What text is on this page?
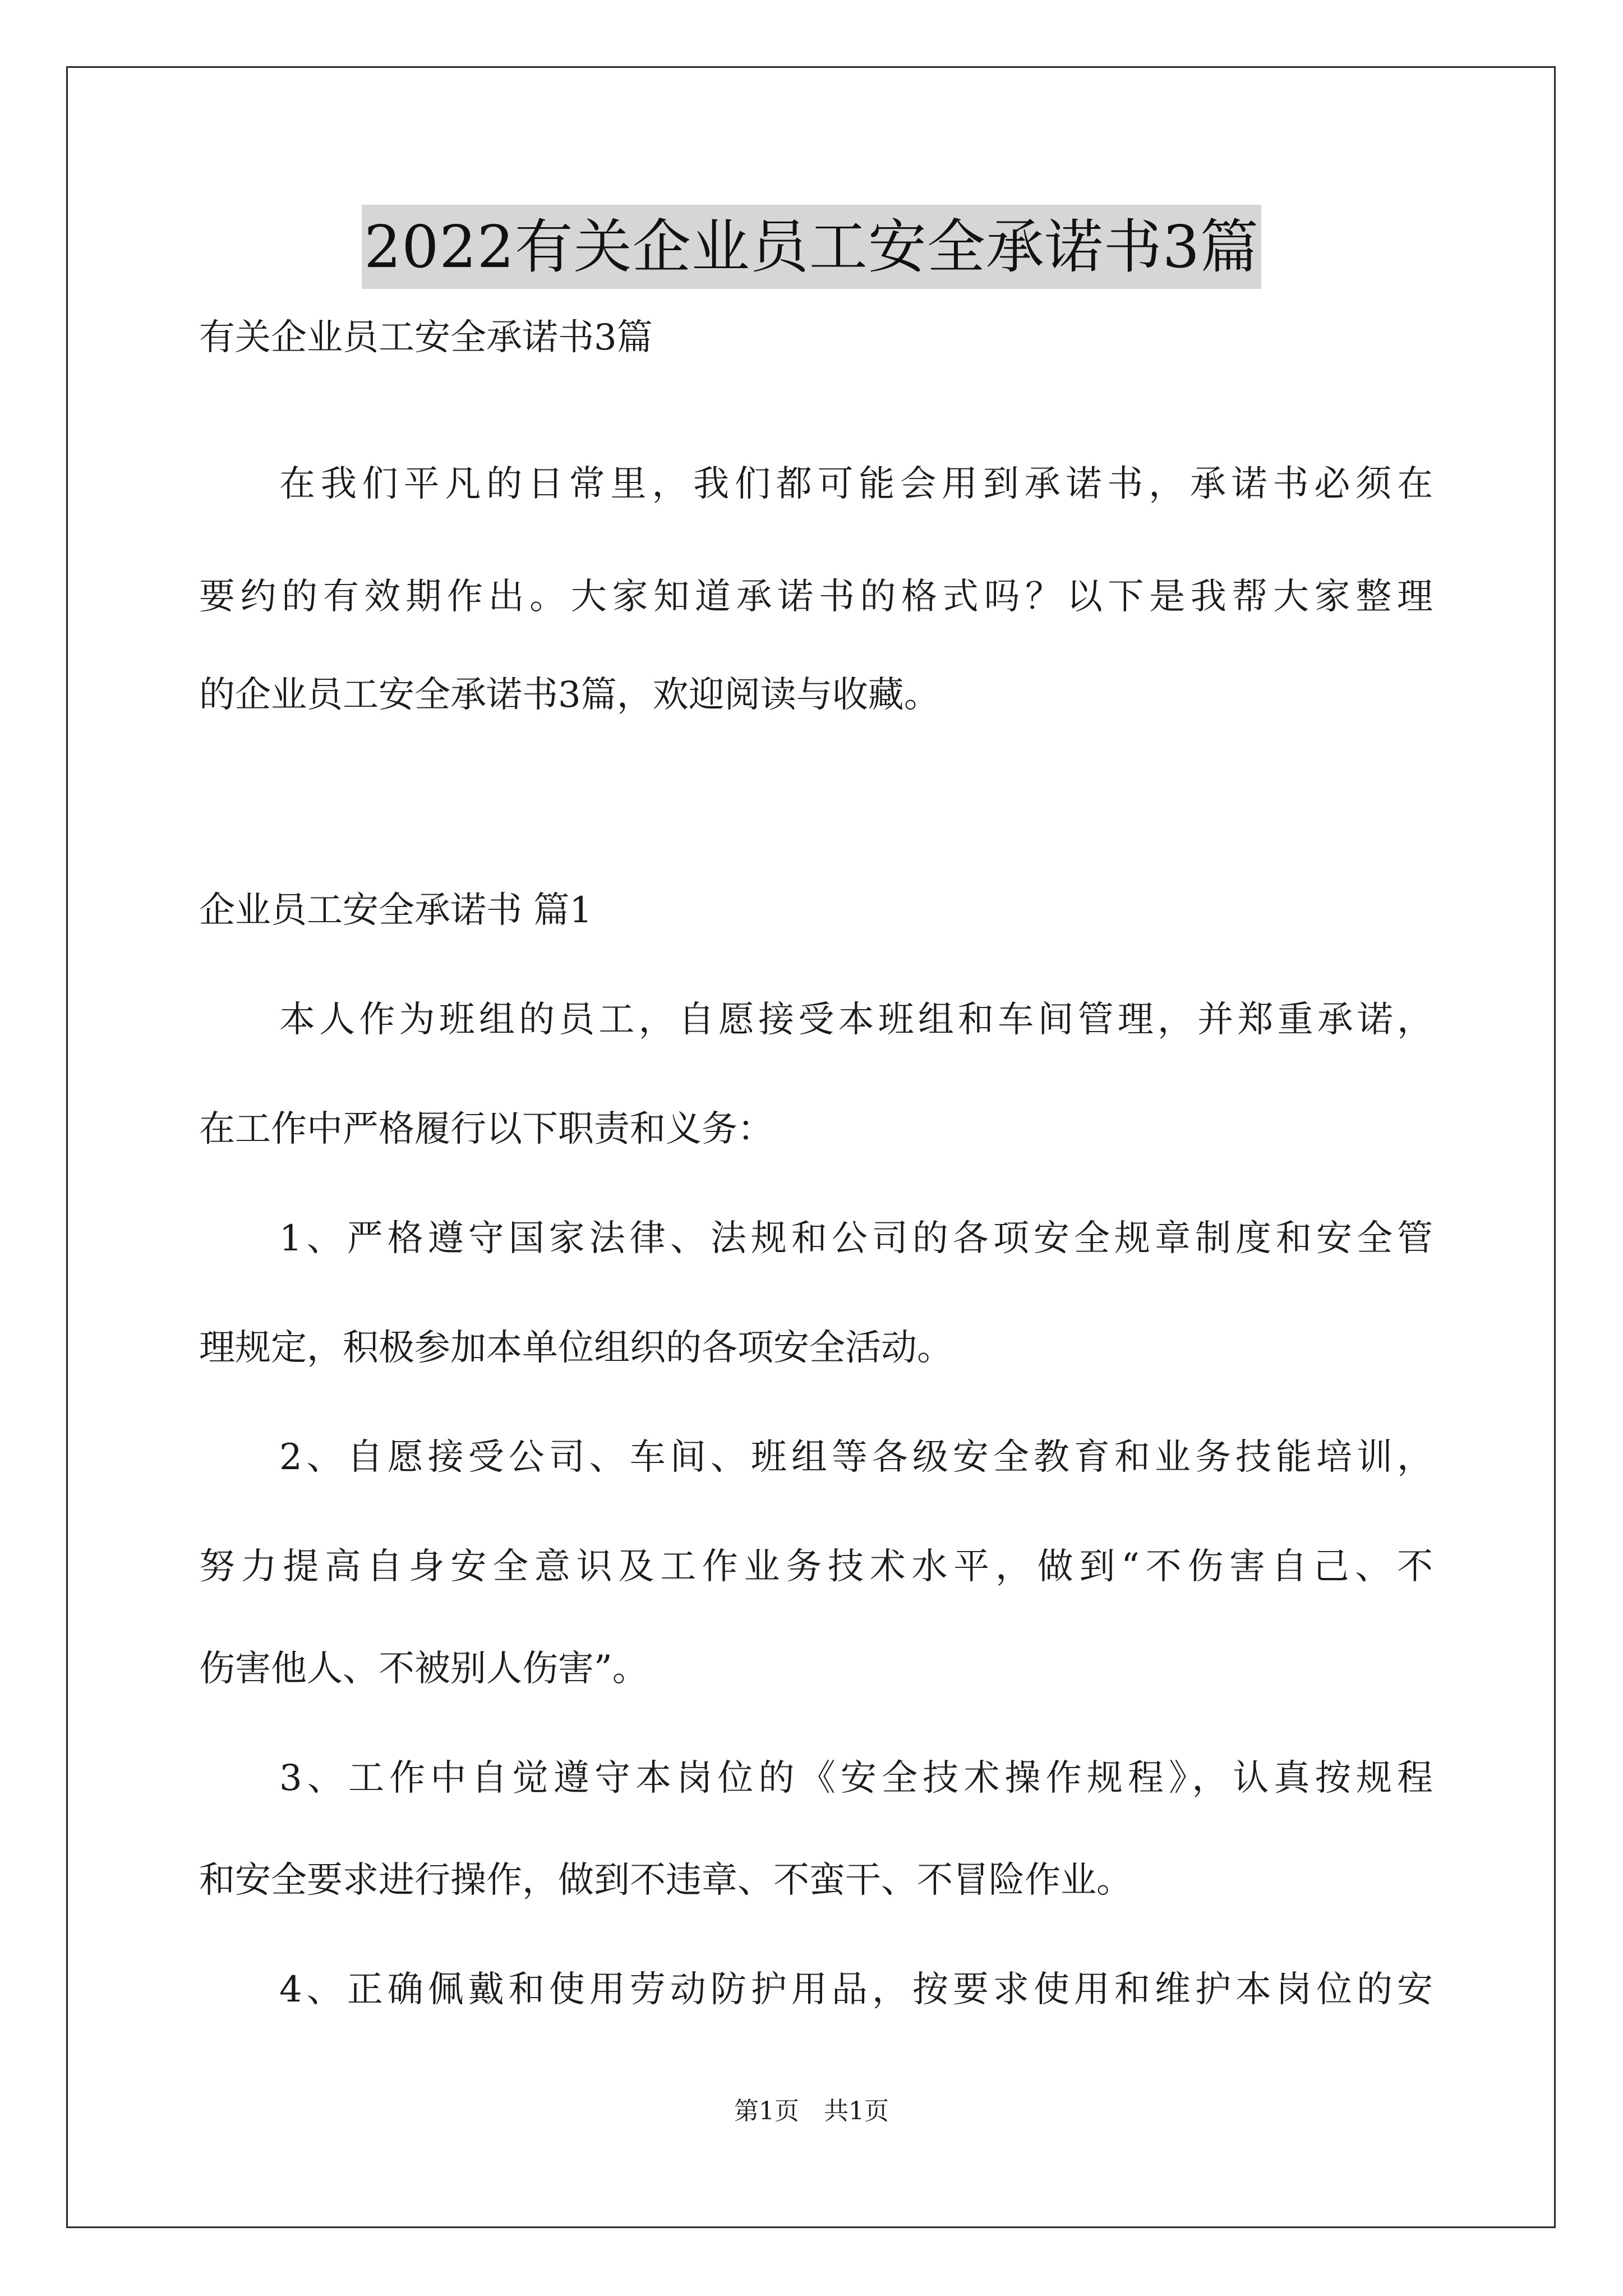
2022有关企业员工安全承诺书3篇
有关企业员工安全承诺书3篇
在我们平凡的日常里，我们都可能会用到承诺书，承诺书必须在
要约的有效期作出。大家知道承诺书的格式吗？以下是我帮大家整理
的企业员工安全承诺书3篇，欢迎阅读与收藏。
企业员工安全承诺书 篇1
本人作为班组的员工，自愿接受本班组和车间管理，并郑重承诺，
在工作中严格履行以下职责和义务：
1、严格遵守国家法律、法规和公司的各项安全规章制度和安全管
理规定，积极参加本单位组织的各项安全活动。
2、自愿接受公司、车间、班组等各级安全教育和业务技能培训，
努力提高自身安全意识及工作业务技术水平，做到“不伤害自己、不
伤害他人、不被别人伤害”。
3、工作中自觉遵守本岗位的《安全技术操作规程》，认真按规程
和安全要求进行操作，做到不违章、不蛮干、不冒险作业。
4、正确佩戴和使用劳动防护用品，按要求使用和维护本岗位的安
第1页　共1页
